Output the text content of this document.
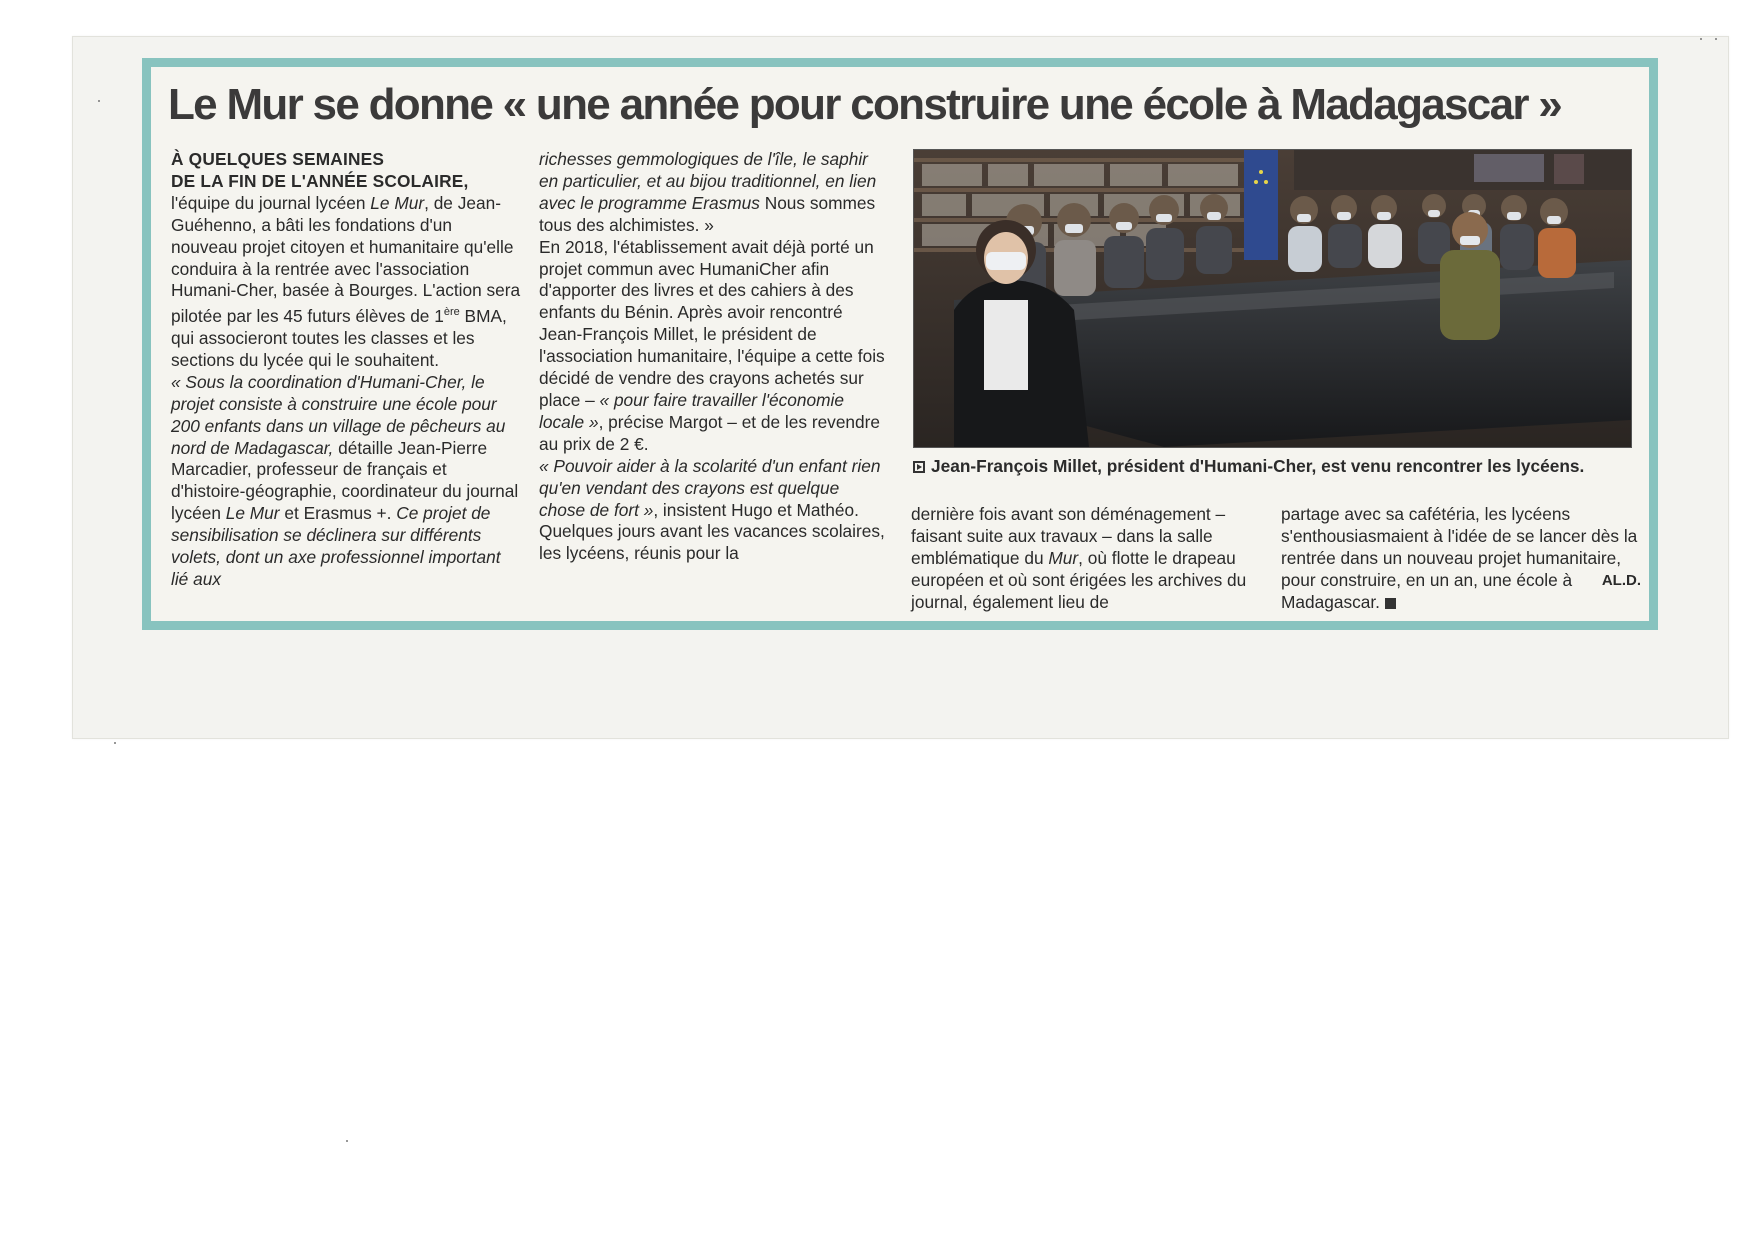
Le Mur se donne « une année pour construire une école à Madagascar »

À QUELQUES SEMAINES
DE LA FIN DE L'ANNÉE SCOLAIRE, l'équipe du journal lycéen Le Mur, de Jean-Guéhenno, a bâti les fondations d'un nouveau projet citoyen et humanitaire qu'elle conduira à la rentrée avec l'association Humani-Cher, basée à Bourges. L'action sera pilotée par les 45 futurs élèves de 1ère BMA, qui associeront toutes les classes et les sections du lycée qui le souhaitent.

« Sous la coordination d'Humani-Cher, le projet consiste à construire une école pour 200 enfants dans un village de pêcheurs au nord de Madagascar, détaille Jean-Pierre Marcadier, professeur de français et d'histoire-géographie, coordinateur du journal lycéen Le Mur et Erasmus +. Ce projet de sensibilisation se déclinera sur différents volets, dont un axe professionnel important lié aux

richesses gemmologiques de l'île, le saphir en particulier, et au bijou traditionnel, en lien avec le programme Erasmus Nous sommes tous des alchimistes. »

En 2018, l'établissement avait déjà porté un projet commun avec HumaniCher afin d'apporter des livres et des cahiers à des enfants du Bénin. Après avoir rencontré Jean-François Millet, le président de l'association humanitaire, l'équipe a cette fois décidé de vendre des crayons achetés sur place – « pour faire travailler l'économie locale », précise Margot – et de les revendre au prix de 2 €.

« Pouvoir aider à la scolarité d'un enfant rien qu'en vendant des crayons est quelque chose de fort », insistent Hugo et Mathéo.

Quelques jours avant les vacances scolaires, les lycéens, réunis pour la

Jean-François Millet, président d'Humani-Cher, est venu rencontrer les lycéens.

dernière fois avant son déménagement – faisant suite aux travaux – dans la salle emblématique du Mur, où flotte le drapeau européen et où sont érigées les archives du journal, également lieu de

partage avec sa cafétéria, les lycéens s'enthousiasmaient à l'idée de se lancer dès la rentrée dans un nouveau projet humanitaire, pour construire, en un an, une école à Madagascar.

AL.D.
